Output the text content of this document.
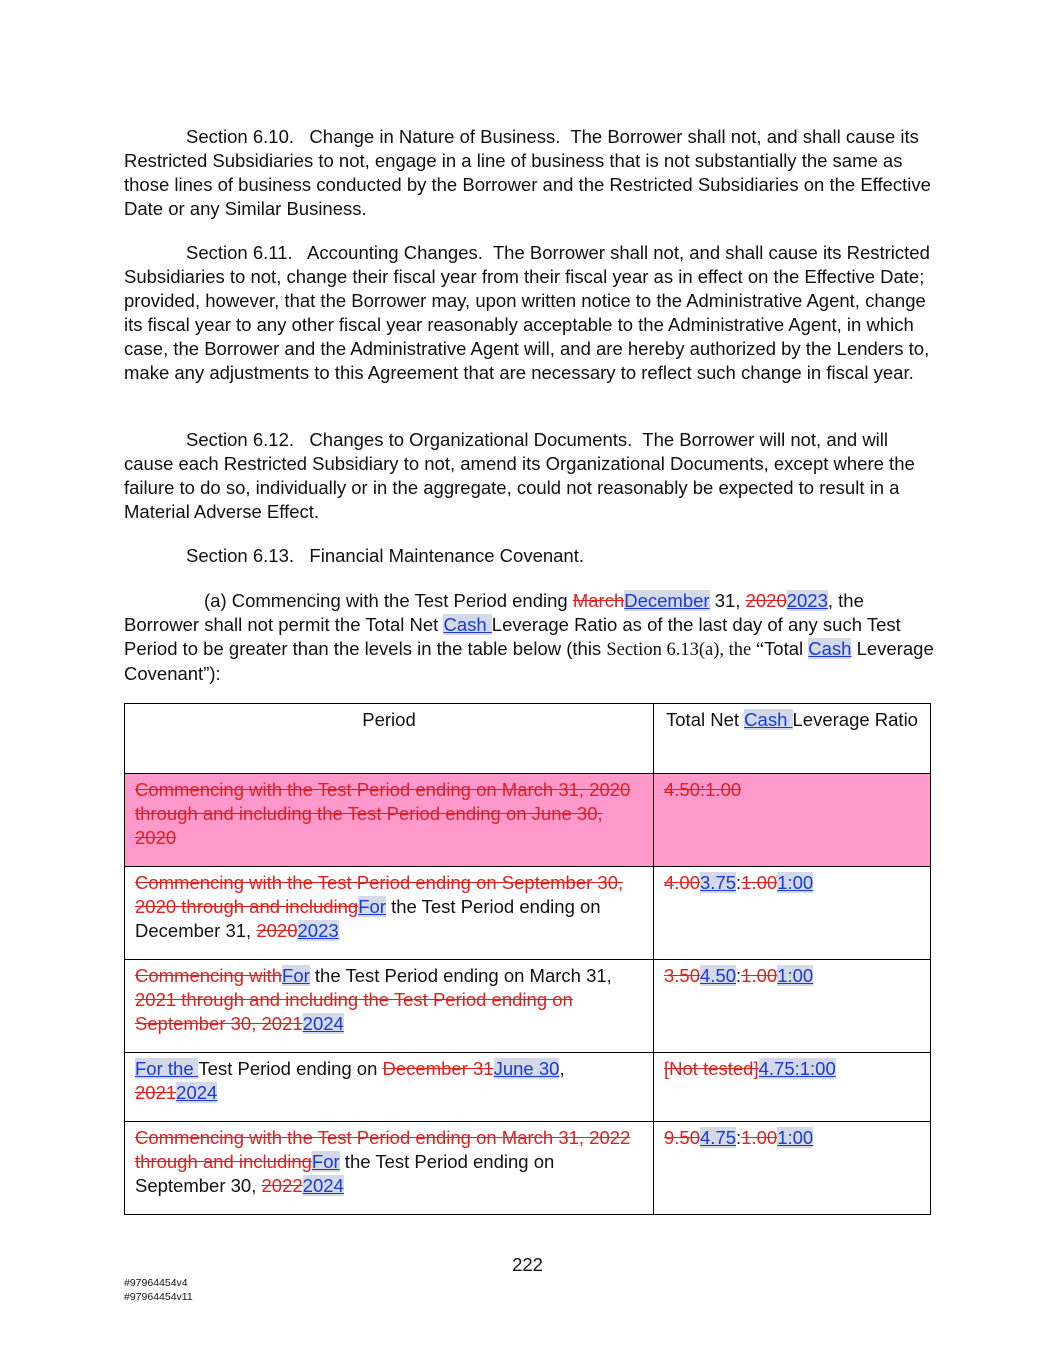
Section 6.10. Change in Nature of Business. The Borrower shall not, and shall cause its Restricted Subsidiaries to not, engage in a line of business that is not substantially the same as those lines of business conducted by the Borrower and the Restricted Subsidiaries on the Effective Date or any Similar Business.
Section 6.11. Accounting Changes. The Borrower shall not, and shall cause its Restricted Subsidiaries to not, change their fiscal year from their fiscal year as in effect on the Effective Date; provided, however, that the Borrower may, upon written notice to the Administrative Agent, change its fiscal year to any other fiscal year reasonably acceptable to the Administrative Agent, in which case, the Borrower and the Administrative Agent will, and are hereby authorized by the Lenders to, make any adjustments to this Agreement that are necessary to reflect such change in fiscal year.
Section 6.12. Changes to Organizational Documents. The Borrower will not, and will cause each Restricted Subsidiary to not, amend its Organizational Documents, except where the failure to do so, individually or in the aggregate, could not reasonably be expected to result in a Material Adverse Effect.
Section 6.13. Financial Maintenance Covenant.
(a) Commencing with the Test Period ending MarchDecember 31, 20202023, the Borrower shall not permit the Total Net Cash Leverage Ratio as of the last day of any such Test Period to be greater than the levels in the table below (this Section 6.13(a), the “Total Cash Leverage Covenant”):
Period	Total Net Cash Leverage Ratio
Commencing with the Test Period ending on March 31, 2020 through and including the Test Period ending on June 30, 2020	4.50:1.00
Commencing with the Test Period ending on September 30, 2020 through and includingFor the Test Period ending on December 31, 20202023	4.003.75:1.001:00
Commencing withFor the Test Period ending on March 31, 2021 through and including the Test Period ending on September 30, 20212024	3.504.50:1.001:00
For the Test Period ending on December 31June 30, 20212024	[Not tested]4.75:1:00
Commencing with the Test Period ending on March 31, 2022 through and includingFor the Test Period ending on September 30, 20222024	9.504.75:1.001:00
222
#97964454v4
#97964454v11
